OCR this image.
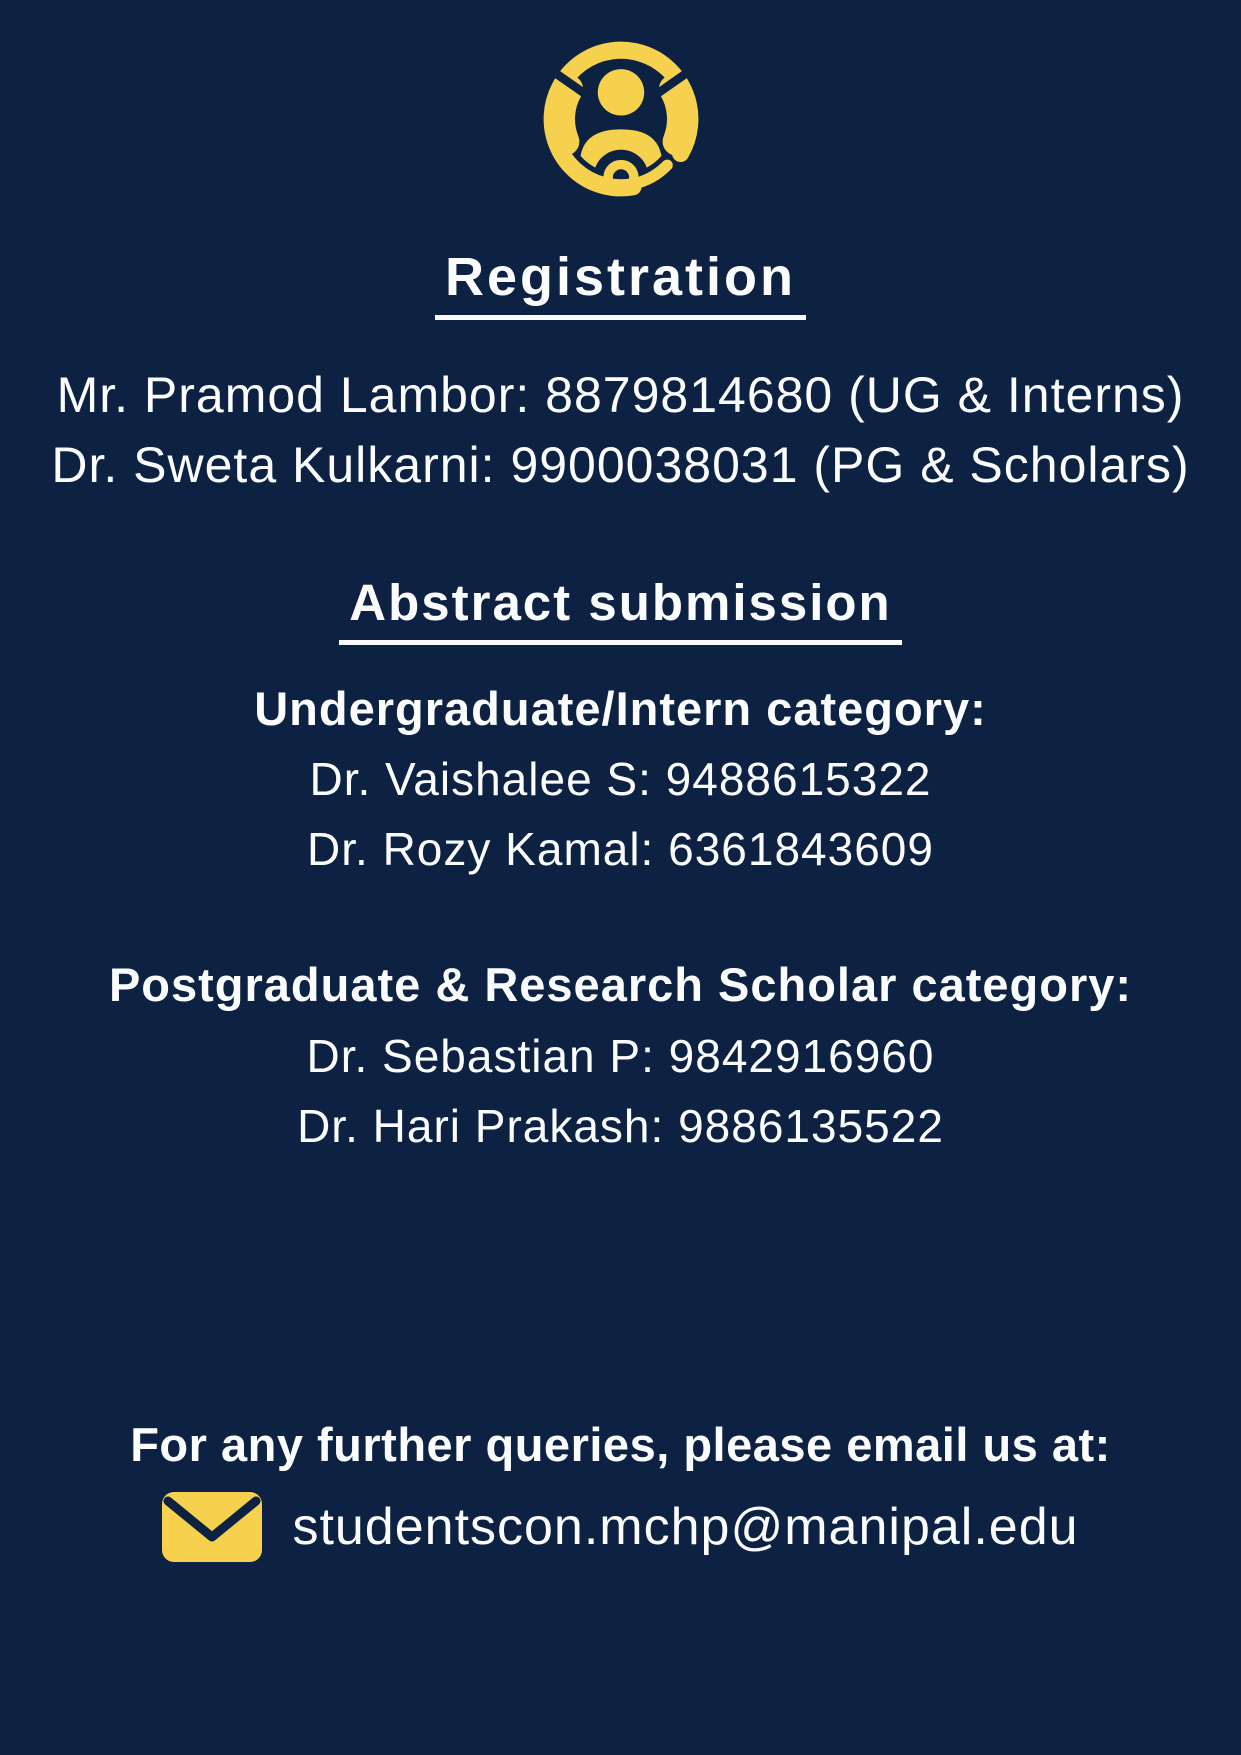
Registration
Mr. Pramod Lambor: 8879814680 (UG & Interns)
Dr. Sweta Kulkarni: 9900038031 (PG & Scholars)
Abstract submission
Undergraduate/Intern category:
Dr. Vaishalee S: 9488615322
Dr. Rozy Kamal: 6361843609
Postgraduate & Research Scholar category:
Dr. Sebastian P: 9842916960
Dr. Hari Prakash: 9886135522
For any further queries, please email us at:
studentscon.mchp@manipal.edu
